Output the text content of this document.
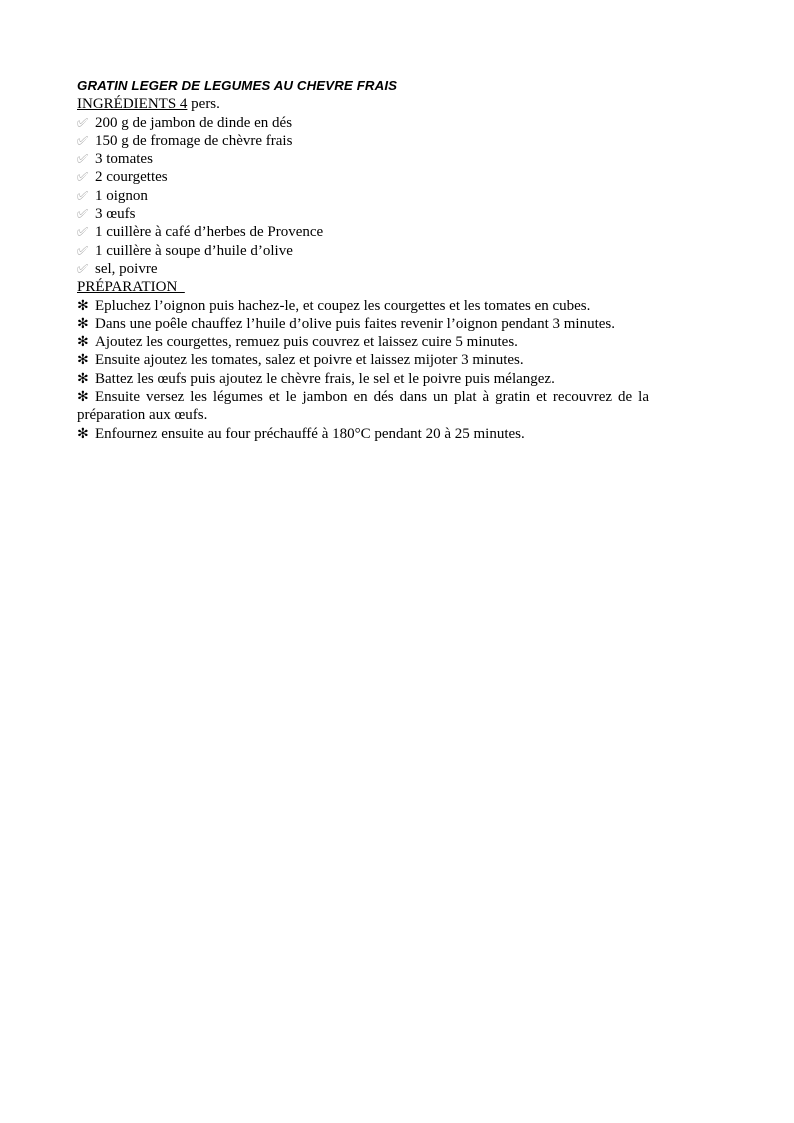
GRATIN LEGER DE LEGUMES AU CHEVRE FRAIS
INGRÉDIENTS 4 pers.
✅︎ 200 g de jambon de dinde en dés
✅︎ 150 g de fromage de chèvre frais
✅︎ 3 tomates
✅︎ 2 courgettes
✅︎ 1 oignon
✅︎ 3 œufs
✅︎ 1 cuillère à café d’herbes de Provence
✅︎ 1 cuillère à soupe d’huile d’olive
✅︎ sel, poivre
PRÉPARATION
✻ Epluchez l’oignon puis hachez-le, et coupez les courgettes et les tomates en cubes.
✻ Dans une poêle chauffez l’huile d’olive puis faites revenir l’oignon pendant 3 minutes.
✻ Ajoutez les courgettes, remuez puis couvrez et laissez cuire 5 minutes.
✻ Ensuite ajoutez les tomates, salez et poivre et laissez mijoter 3 minutes.
✻ Battez les œufs puis ajoutez le chèvre frais, le sel et le poivre puis mélangez.
✻ Ensuite versez les légumes et le jambon en dés dans un plat à gratin et recouvrez de la préparation aux œufs.
✻ Enfournez ensuite au four préchauffé à 180°C pendant 20 à 25 minutes.
